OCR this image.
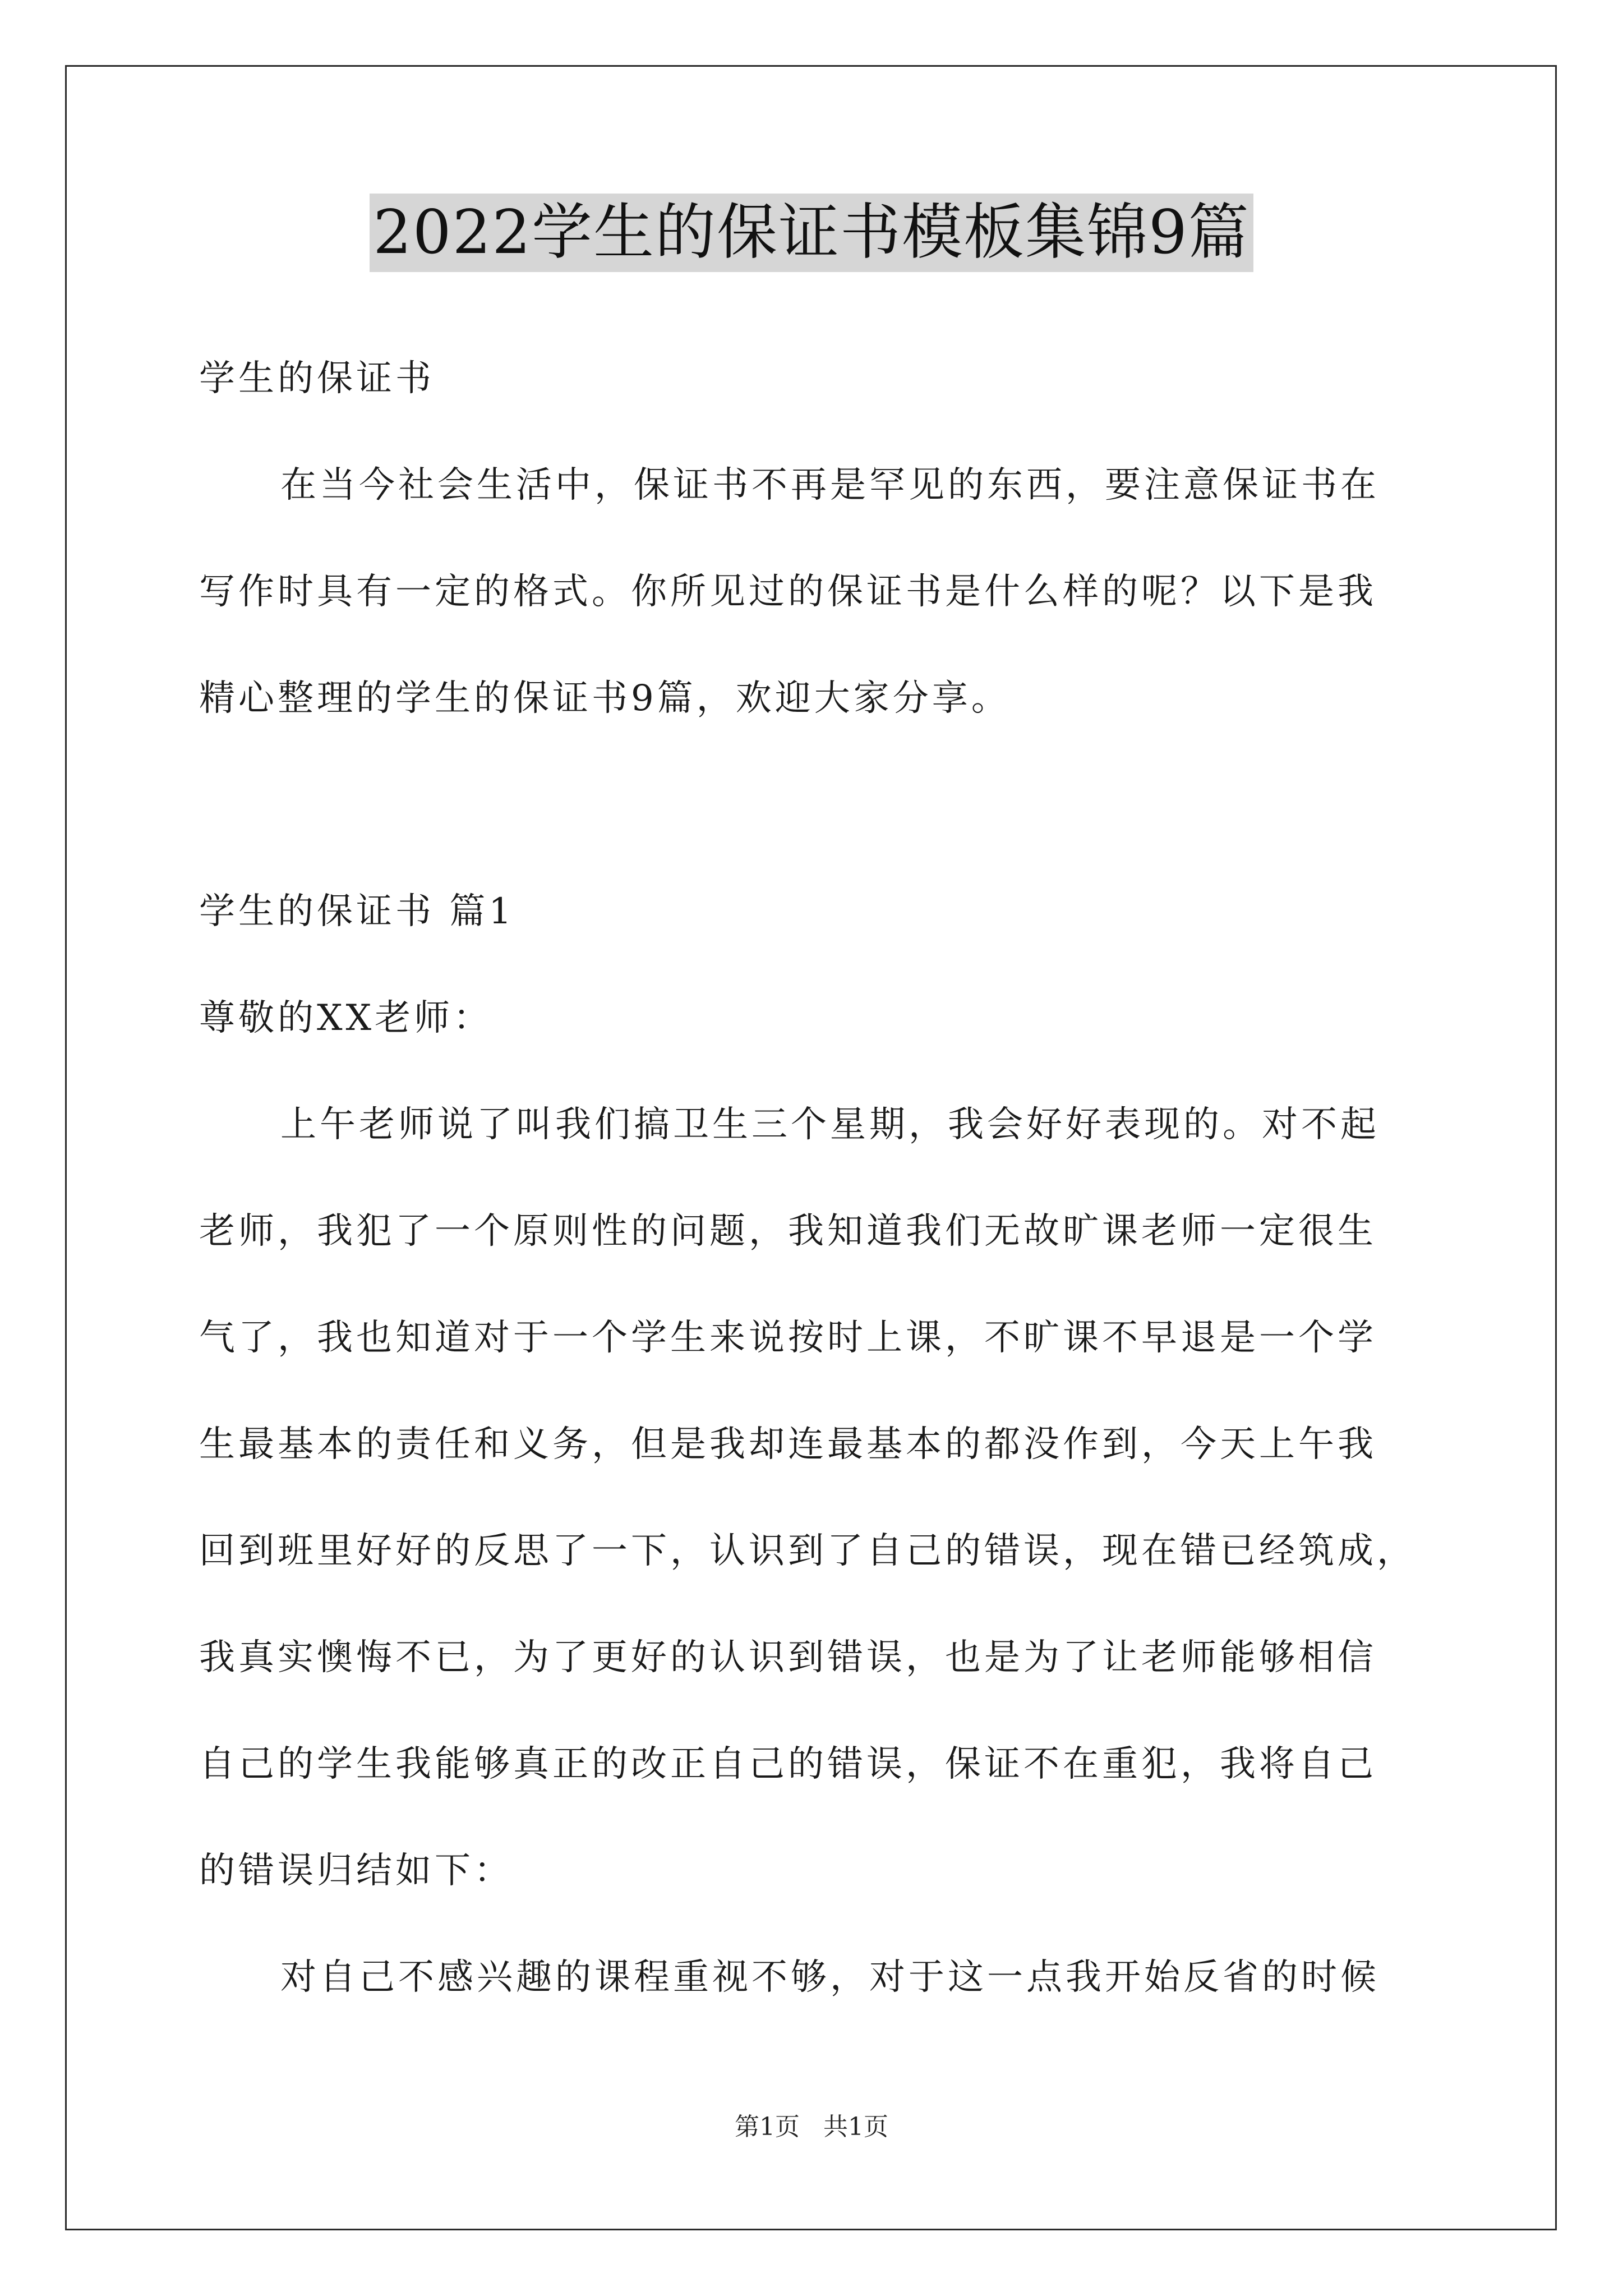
2022学生的保证书模板集锦9篇
学生的保证书
在当今社会生活中，保证书不再是罕见的东西，要注意保证书在
写作时具有一定的格式。你所见过的保证书是什么样的呢？以下是我
精心整理的学生的保证书9篇，欢迎大家分享。
学生的保证书 篇1
尊敬的XX老师：
上午老师说了叫我们搞卫生三个星期，我会好好表现的。对不起
老师，我犯了一个原则性的问题，我知道我们无故旷课老师一定很生
气了，我也知道对于一个学生来说按时上课，不旷课不早退是一个学
生最基本的责任和义务，但是我却连最基本的都没作到，今天上午我
回到班里好好的反思了一下，认识到了自己的错误，现在错已经筑成，
我真实懊悔不已，为了更好的认识到错误，也是为了让老师能够相信
自己的学生我能够真正的改正自己的错误，保证不在重犯，我将自己
的错误归结如下：
对自己不感兴趣的课程重视不够，对于这一点我开始反省的时候
第1页 共1页
